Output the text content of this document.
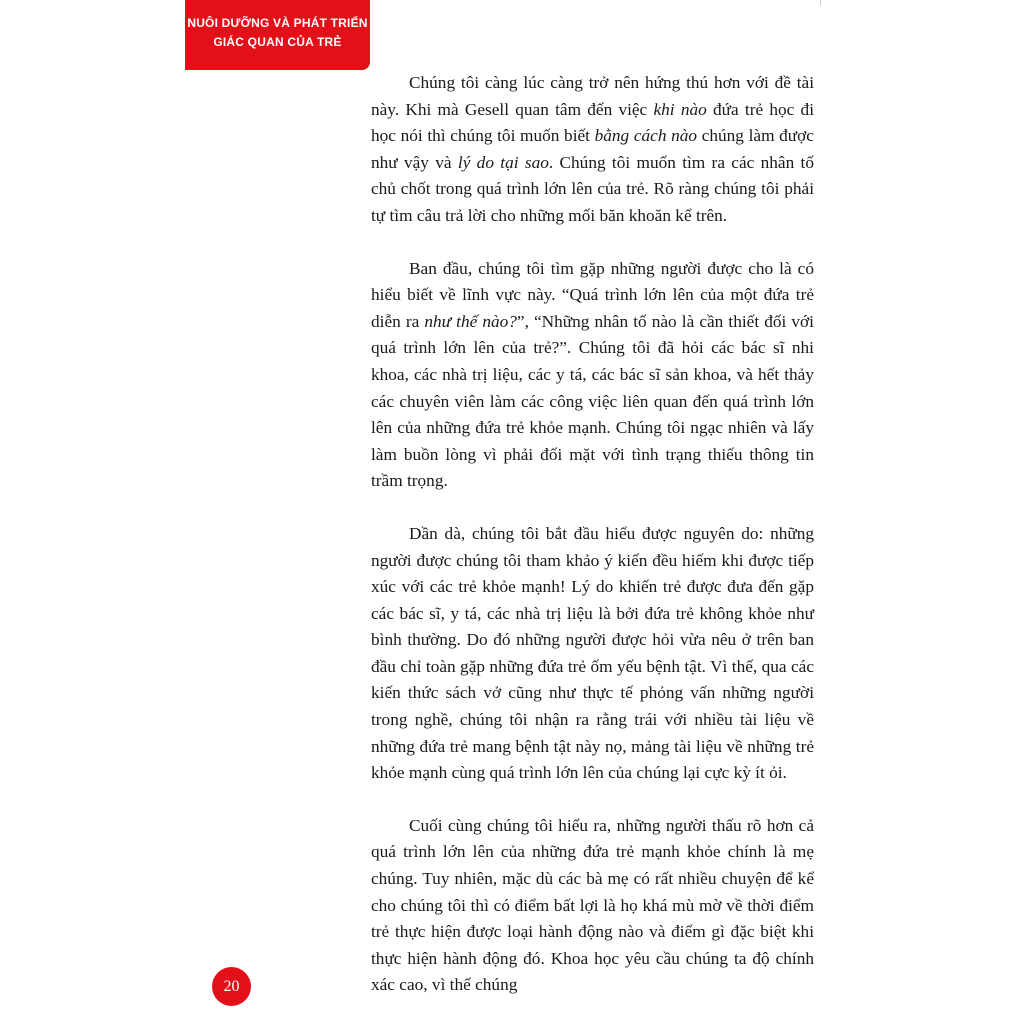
NUÔI DƯỠNG VÀ PHÁT TRIỂN
GIÁC QUAN CỦA TRẺ

Chúng tôi càng lúc càng trở nên hứng thú hơn với đề tài này. Khi mà Gesell quan tâm đến việc khi nào đứa trẻ học đi học nói thì chúng tôi muốn biết bằng cách nào chúng làm được như vậy và lý do tại sao. Chúng tôi muốn tìm ra các nhân tố chủ chốt trong quá trình lớn lên của trẻ. Rõ ràng chúng tôi phải tự tìm câu trả lời cho những mối băn khoăn kể trên.

Ban đầu, chúng tôi tìm gặp những người được cho là có hiểu biết về lĩnh vực này. “Quá trình lớn lên của một đứa trẻ diễn ra như thế nào?”, “Những nhân tố nào là cần thiết đối với quá trình lớn lên của trẻ?”. Chúng tôi đã hỏi các bác sĩ nhi khoa, các nhà trị liệu, các y tá, các bác sĩ sản khoa, và hết thảy các chuyên viên làm các công việc liên quan đến quá trình lớn lên của những đứa trẻ khỏe mạnh. Chúng tôi ngạc nhiên và lấy làm buồn lòng vì phải đối mặt với tình trạng thiếu thông tin trầm trọng.

Dần dà, chúng tôi bắt đầu hiểu được nguyên do: những người được chúng tôi tham khảo ý kiến đều hiếm khi được tiếp xúc với các trẻ khỏe mạnh! Lý do khiến trẻ được đưa đến gặp các bác sĩ, y tá, các nhà trị liệu là bởi đứa trẻ không khỏe như bình thường. Do đó những người được hỏi vừa nêu ở trên ban đầu chỉ toàn gặp những đứa trẻ ốm yếu bệnh tật. Vì thế, qua các kiến thức sách vở cũng như thực tế phỏng vấn những người trong nghề, chúng tôi nhận ra rằng trái với nhiều tài liệu về những đứa trẻ mang bệnh tật này nọ, mảng tài liệu về những trẻ khỏe mạnh cùng quá trình lớn lên của chúng lại cực kỳ ít ỏi.

Cuối cùng chúng tôi hiểu ra, những người thấu rõ hơn cả quá trình lớn lên của những đứa trẻ mạnh khỏe chính là mẹ chúng. Tuy nhiên, mặc dù các bà mẹ có rất nhiều chuyện để kể cho chúng tôi thì có điểm bất lợi là họ khá mù mờ về thời điểm trẻ thực hiện được loại hành động nào và điểm gì đặc biệt khi thực hiện hành động đó. Khoa học yêu cầu chúng ta độ chính xác cao, vì thế chúng

20
